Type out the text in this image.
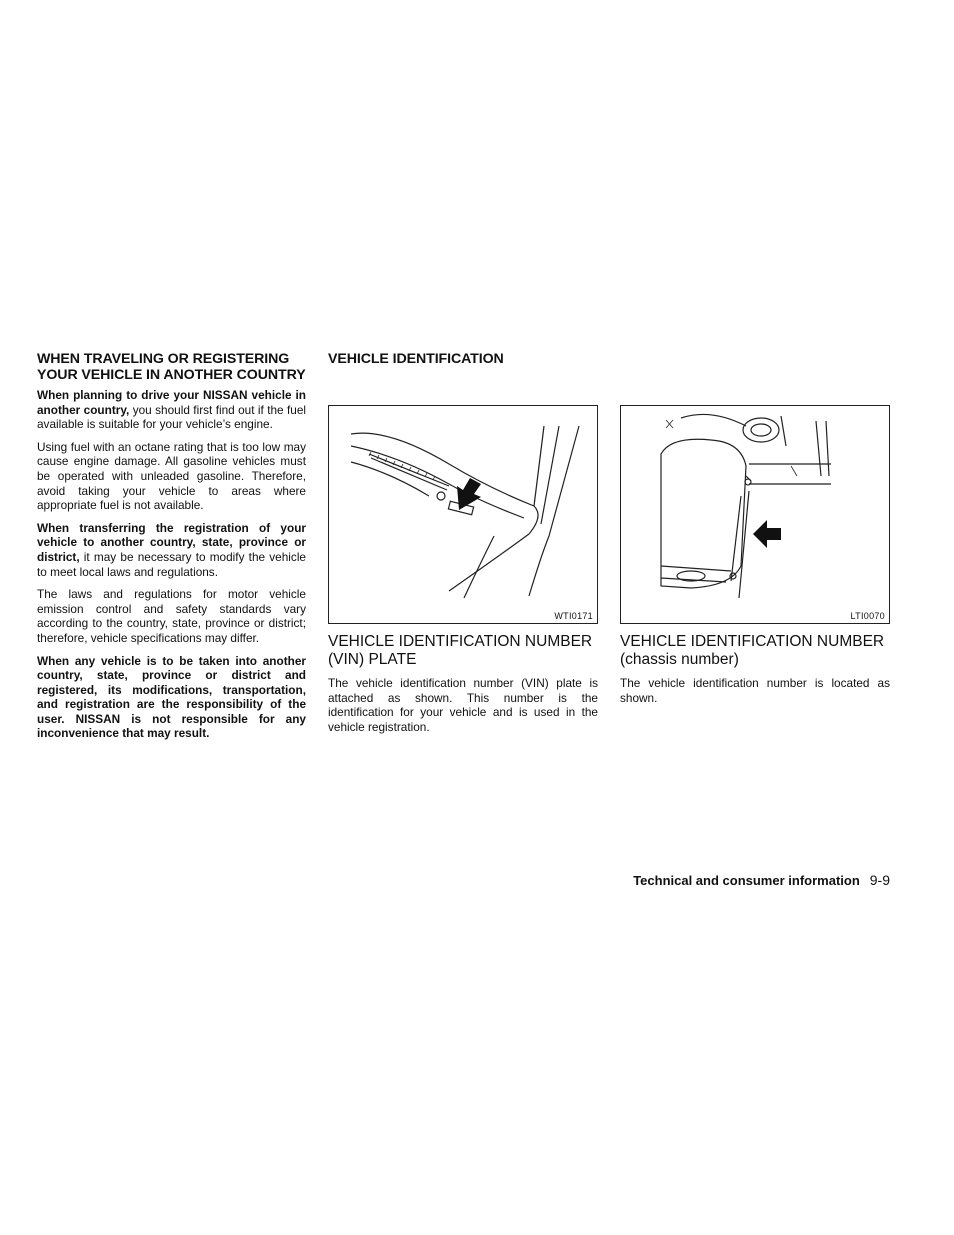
WHEN TRAVELING OR REGISTERING YOUR VEHICLE IN ANOTHER COUNTRY

When planning to drive your NISSAN vehicle in another country, you should first find out if the fuel available is suitable for your vehicle’s engine.

Using fuel with an octane rating that is too low may cause engine damage. All gasoline vehicles must be operated with unleaded gasoline. Therefore, avoid taking your vehicle to areas where appropriate fuel is not available.

When transferring the registration of your vehicle to another country, state, province or district, it may be necessary to modify the vehicle to meet local laws and regulations.

The laws and regulations for motor vehicle emission control and safety standards vary according to the country, state, province or district; therefore, vehicle specifications may differ.

When any vehicle is to be taken into another country, state, province or district and registered, its modifications, transportation, and registration are the responsibility of the user. NISSAN is not responsible for any inconvenience that may result.

VEHICLE IDENTIFICATION
WTI0171
VEHICLE IDENTIFICATION NUMBER (VIN) PLATE

The vehicle identification number (VIN) plate is attached as shown. This number is the identification for your vehicle and is used in the vehicle registration.

LTI0070
VEHICLE IDENTIFICATION NUMBER (chassis number)

The vehicle identification number is located as shown.

Technical and consumer information 9-9
